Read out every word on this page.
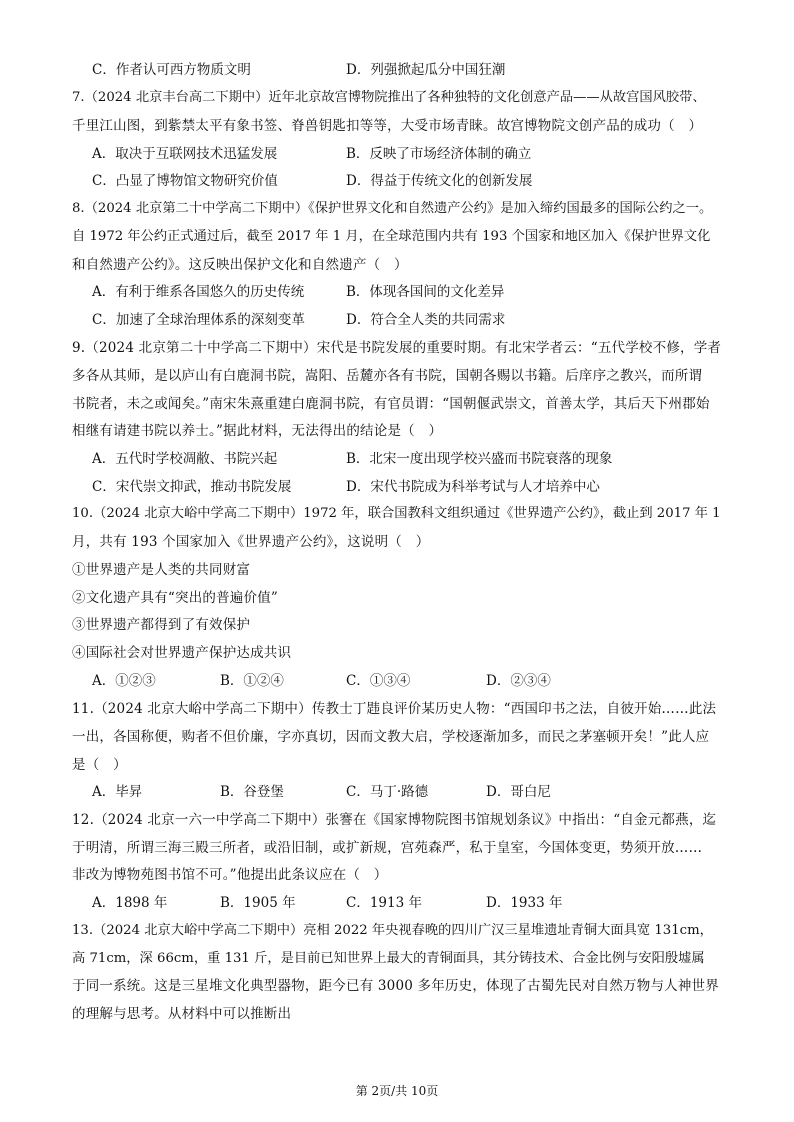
C．作者认可西方物质文明	D．列强掀起瓜分中国狂潮
7.（2024 北京丰台高二下期中）近年北京故宫博物院推出了各种独特的文化创意产品——从故宫国风胶带、
千里江山图，到紫禁太平有象书签、脊兽钥匙扣等等，大受市场青睐。故宫博物院文创产品的成功（　）
A．取决于互联网技术迅猛发展	B．反映了市场经济体制的确立
C．凸显了博物馆文物研究价值	D．得益于传统文化的创新发展
8.（2024 北京第二十中学高二下期中）《保护世界文化和自然遗产公约》是加入缔约国最多的国际公约之一。
自 1972 年公约正式通过后，截至 2017 年 1 月，在全球范围内共有 193 个国家和地区加入《保护世界文化
和自然遗产公约》。这反映出保护文化和自然遗产（　）
A．有利于维系各国悠久的历史传统	B．体现各国间的文化差异
C．加速了全球治理体系的深刻变革	D．符合全人类的共同需求
9.（2024 北京第二十中学高二下期中）宋代是书院发展的重要时期。有北宋学者云：“五代学校不修，学者
多各从其师，是以庐山有白鹿洞书院，嵩阳、岳麓亦各有书院，国朝各赐以书籍。后庠序之教兴，而所谓
书院者，未之或闻矣。”南宋朱熹重建白鹿洞书院，有官员谓：“国朝偃武崇文，首善太学，其后天下州郡始
相继有请建书院以养士。”据此材料，无法得出的结论是（　）
A．五代时学校凋敝、书院兴起	B．北宋一度出现学校兴盛而书院衰落的现象
C．宋代崇文抑武，推动书院发展	D．宋代书院成为科举考试与人才培养中心
10.（2024 北京大峪中学高二下期中）1972 年，联合国教科文组织通过《世界遗产公约》，截止到 2017 年 1
月，共有 193 个国家加入《世界遗产公约》，这说明（　）
①世界遗产是人类的共同财富
②文化遗产具有“突出的普遍价值”
③世界遗产都得到了有效保护
④国际社会对世界遗产保护达成共识
A．①②③	B．①②④	C．①③④	D．②③④
11.（2024 北京大峪中学高二下期中）传教士丁韪良评价某历史人物：“西国印书之法，自彼开始……此法
一出，各国称便，购者不但价廉，字亦真切，因而文教大启，学校逐渐加多，而民之茅塞顿开矣！”此人应
是（　）
A．毕昇	B．谷登堡	C．马丁·路德	D．哥白尼
12.（2024 北京一六一中学高二下期中）张謇在《国家博物院图书馆规划条议》中指出：“自金元都燕，迄
于明清，所谓三海三殿三所者，或沿旧制，或扩新规，宫苑森严，私于皇室，今国体变更，势须开放……
非改为博物苑图书馆不可。”他提出此条议应在（　）
A．1898 年	B．1905 年	C．1913 年	D．1933 年
13.（2024 北京大峪中学高二下期中）亮相 2022 年央视春晚的四川广汉三星堆遗址青铜大面具宽 131cm，
高 71cm，深 66cm，重 131 斤，是目前已知世界上最大的青铜面具，其分铸技术、合金比例与安阳殷墟属
于同一系统。这是三星堆文化典型器物，距今已有 3000 多年历史，体现了古蜀先民对自然万物与人神世界
的理解与思考。从材料中可以推断出
第 2页/共 10页
